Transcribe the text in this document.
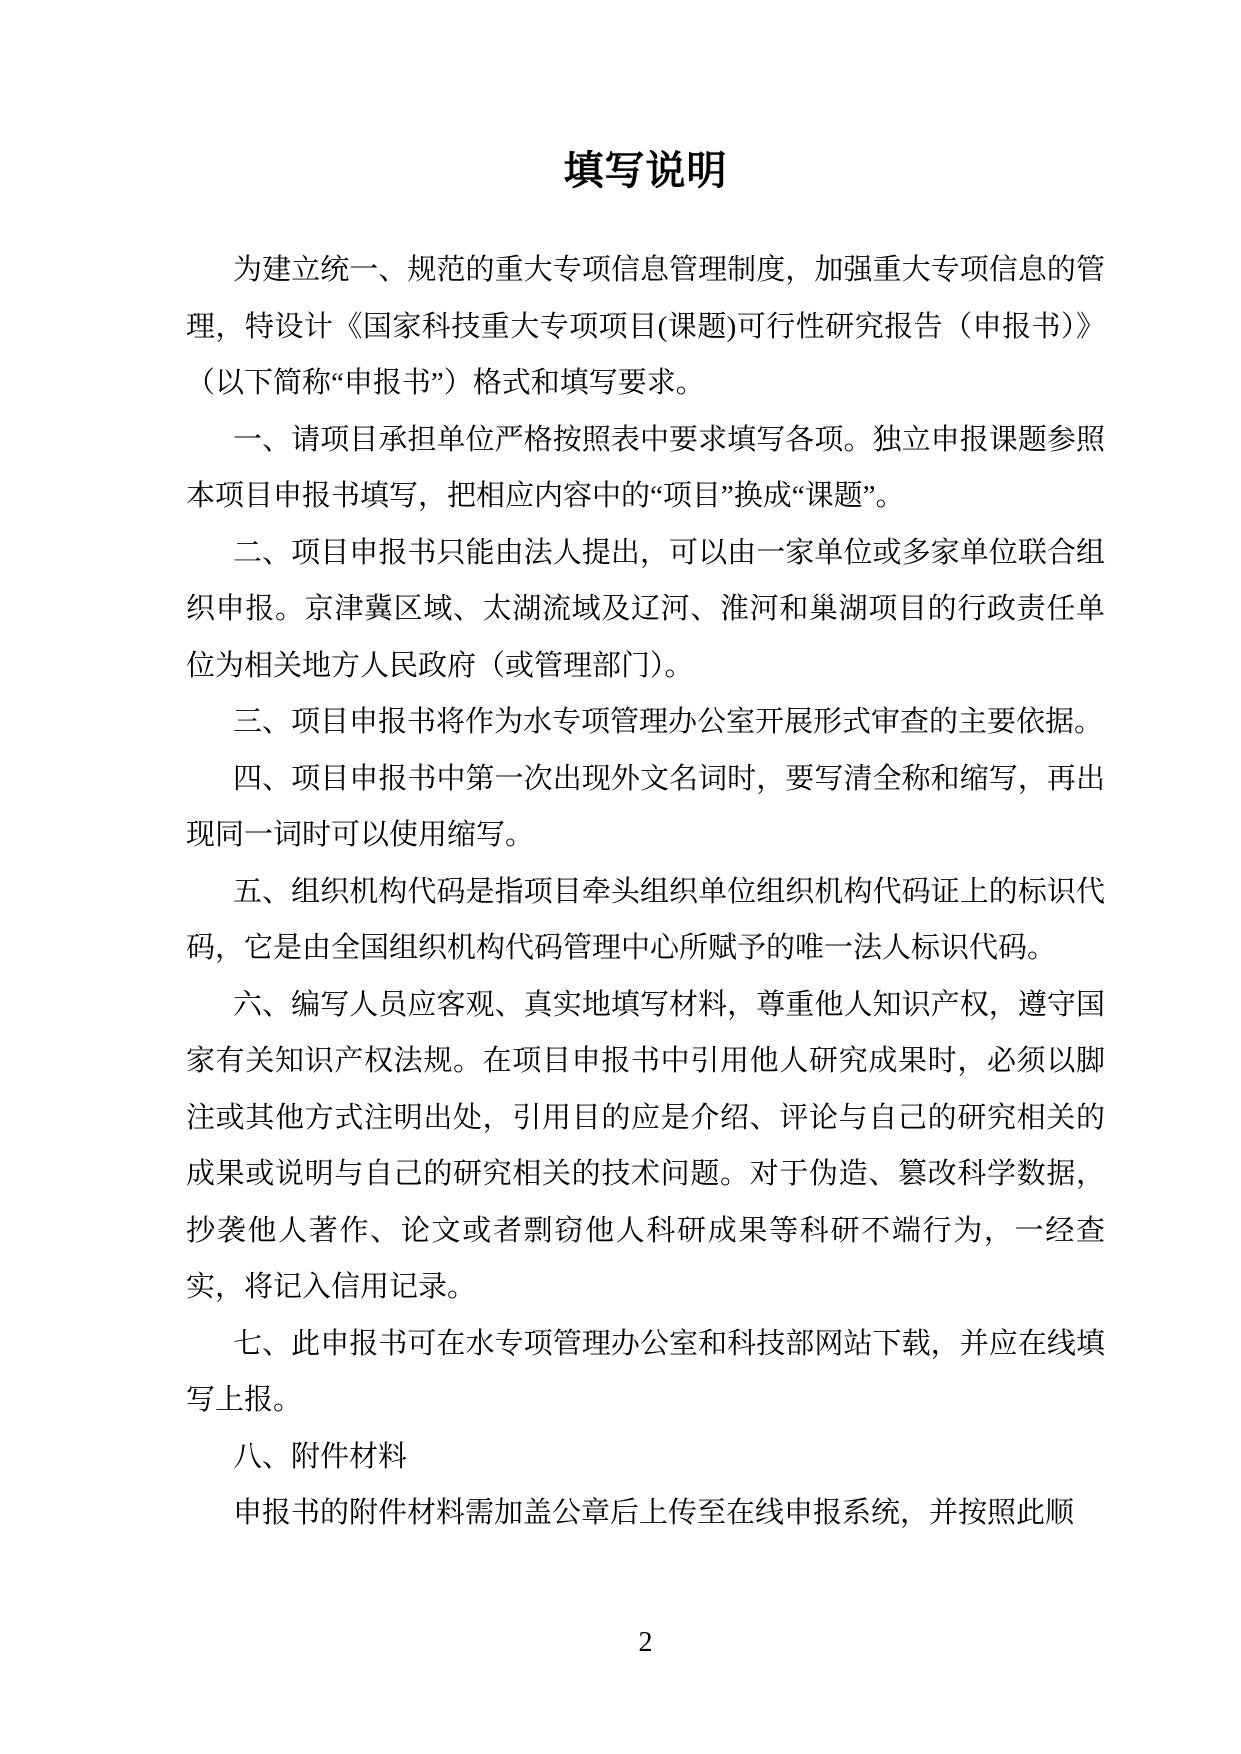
填写说明

为建立统一、规范的重大专项信息管理制度，加强重大专项信息的管理，特设计《国家科技重大专项项目(课题)可行性研究报告（申报书）》（以下简称“申报书”）格式和填写要求。

一、请项目承担单位严格按照表中要求填写各项。独立申报课题参照本项目申报书填写，把相应内容中的“项目”换成“课题”。

二、项目申报书只能由法人提出，可以由一家单位或多家单位联合组织申报。京津冀区域、太湖流域及辽河、淮河和巢湖项目的行政责任单位为相关地方人民政府（或管理部门）。

三、项目申报书将作为水专项管理办公室开展形式审查的主要依据。

四、项目申报书中第一次出现外文名词时，要写清全称和缩写，再出现同一词时可以使用缩写。

五、组织机构代码是指项目牵头组织单位组织机构代码证上的标识代码，它是由全国组织机构代码管理中心所赋予的唯一法人标识代码。

六、编写人员应客观、真实地填写材料，尊重他人知识产权，遵守国家有关知识产权法规。在项目申报书中引用他人研究成果时，必须以脚注或其他方式注明出处，引用目的应是介绍、评论与自己的研究相关的成果或说明与自己的研究相关的技术问题。对于伪造、篡改科学数据，抄袭他人著作、论文或者剽窃他人科研成果等科研不端行为，一经查实，将记入信用记录。

七、此申报书可在水专项管理办公室和科技部网站下载，并应在线填写上报。

八、附件材料

申报书的附件材料需加盖公章后上传至在线申报系统，并按照此顺

2
